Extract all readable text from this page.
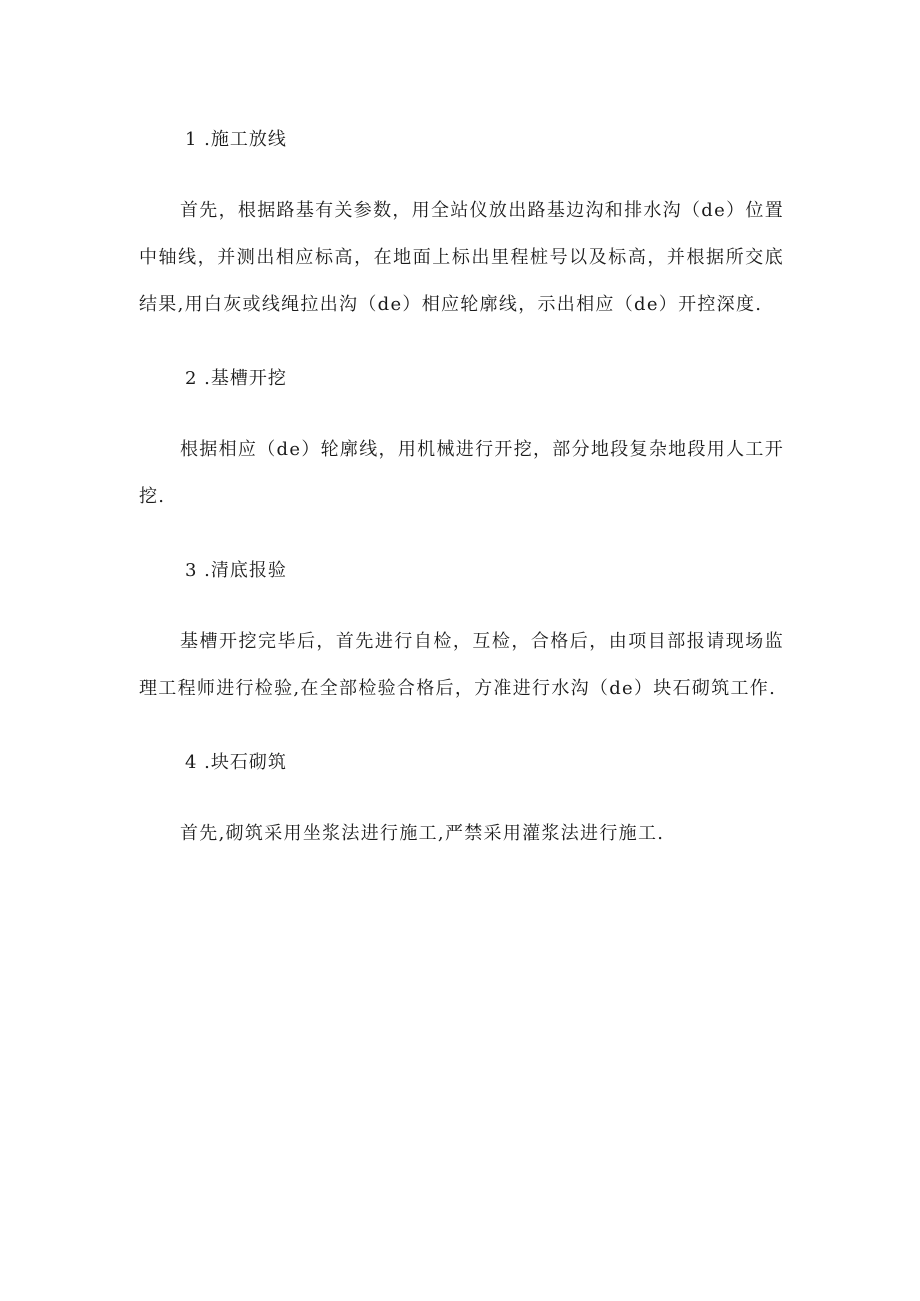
1 .施工放线

首先，根据路基有关参数，用全站仪放出路基边沟和排水沟（de）位置中轴线，并测出相应标高，在地面上标出里程桩号以及标高，并根据所交底结果,用白灰或线绳拉出沟（de）相应轮廓线，示出相应（de）开控深度.

2 .基槽开挖

根据相应（de）轮廓线，用机械进行开挖，部分地段复杂地段用人工开挖.

3 .清底报验

基槽开挖完毕后，首先进行自检，互检，合格后，由项目部报请现场监理工程师进行检验,在全部检验合格后，方准进行水沟（de）块石砌筑工作.

4 .块石砌筑

首先,砌筑采用坐浆法进行施工,严禁采用灌浆法进行施工.
